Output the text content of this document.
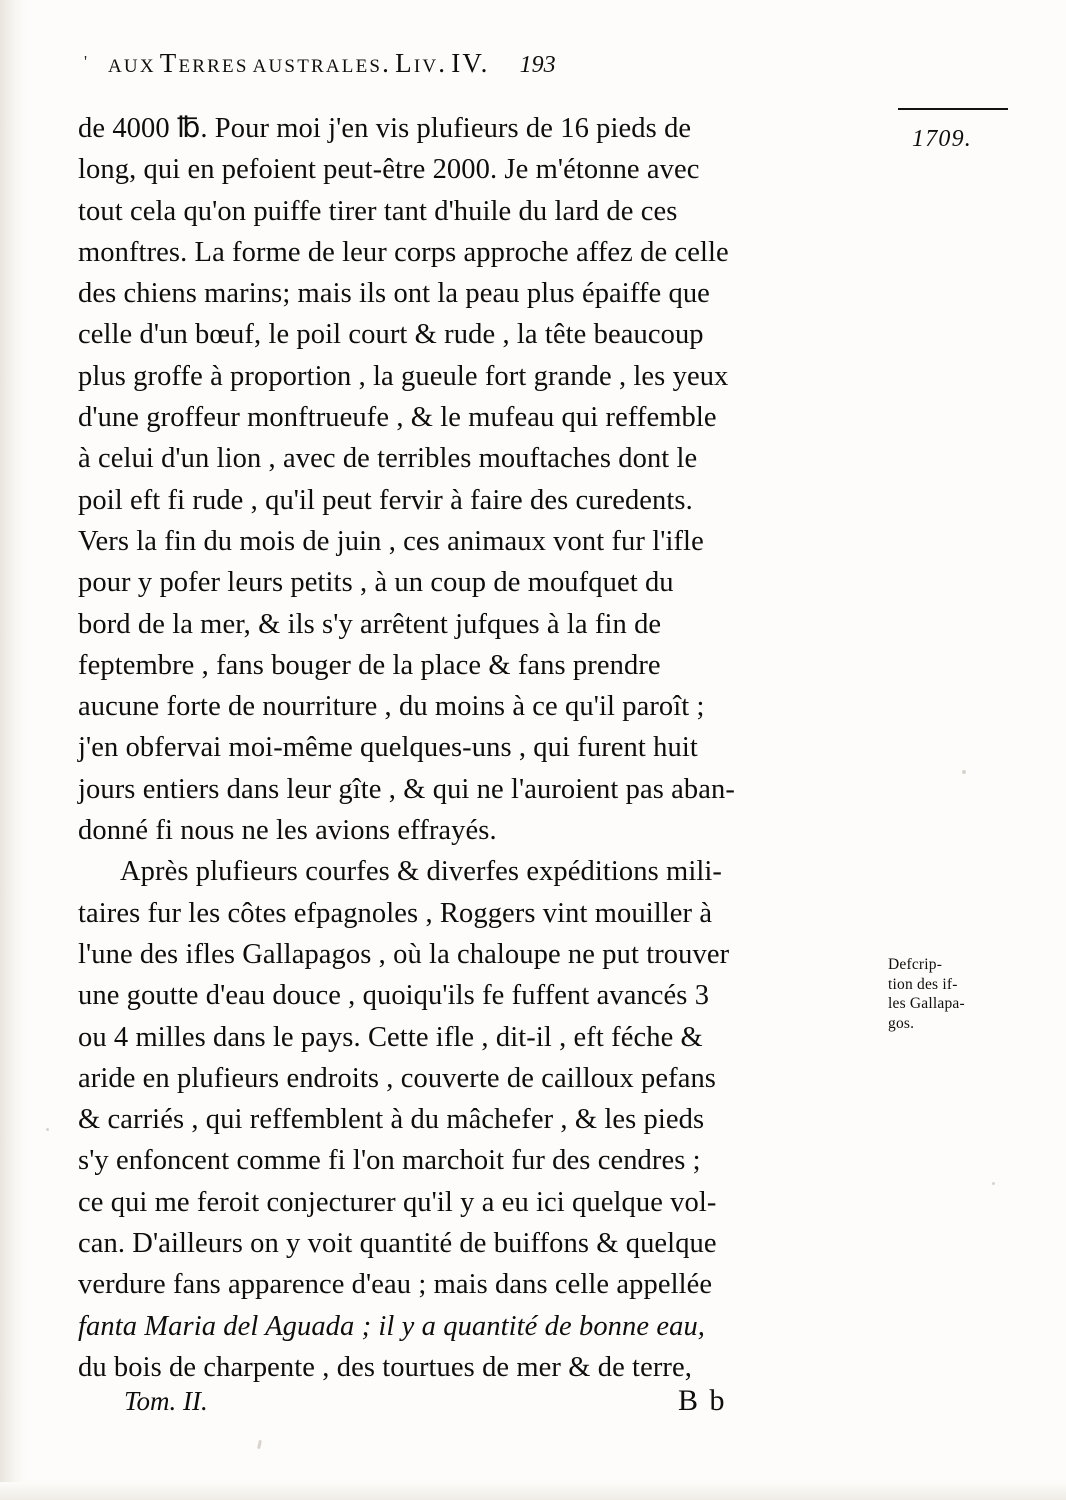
' aux Terres australes. Liv. IV. 193
1709.
Defcrip-
tion des if-
les Gallapa-
gos.
de 4000 ℔. Pour moi j'en vis plufieurs de 16 pieds de
long, qui en pefoient peut-être 2000. Je m'étonne avec
tout cela qu'on puiffe tirer tant d'huile du lard de ces
monftres. La forme de leur corps approche affez de celle
des chiens marins; mais ils ont la peau plus épaiffe que
celle d'un bœuf, le poil court & rude , la tête beaucoup
plus groffe à proportion , la gueule fort grande , les yeux
d'une groffeur monftrueufe , & le mufeau qui reffemble
à celui d'un lion , avec de terribles mouftaches dont le
poil eft fi rude , qu'il peut fervir à faire des curedents.
Vers la fin du mois de juin , ces animaux vont fur l'ifle
pour y pofer leurs petits , à un coup de moufquet du
bord de la mer, & ils s'y arrêtent jufques à la fin de
feptembre , fans bouger de la place & fans prendre
aucune forte de nourriture , du moins à ce qu'il paroît ;
j'en obfervai moi-même quelques-uns , qui furent huit
jours entiers dans leur gîte , & qui ne l'auroient pas aban-
donné fi nous ne les avions effrayés.
Après plufieurs courfes & diverfes expéditions mili-
taires fur les côtes efpagnoles , Roggers vint mouiller à
l'une des ifles Gallapagos , où la chaloupe ne put trouver
une goutte d'eau douce , quoiqu'ils fe fuffent avancés 3
ou 4 milles dans le pays. Cette ifle , dit-il , eft féche &
aride en plufieurs endroits , couverte de cailloux pefans
& carriés , qui reffemblent à du mâchefer , & les pieds
s'y enfoncent comme fi l'on marchoit fur des cendres ;
ce qui me feroit conjecturer qu'il y a eu ici quelque vol-
can. D'ailleurs on y voit quantité de buiffons & quelque
verdure fans apparence d'eau ; mais dans celle appellée
fanta Maria del Aguada ; il y a quantité de bonne eau,
du bois de charpente , des tourtues de mer & de terre,
Tom. II.	B b
